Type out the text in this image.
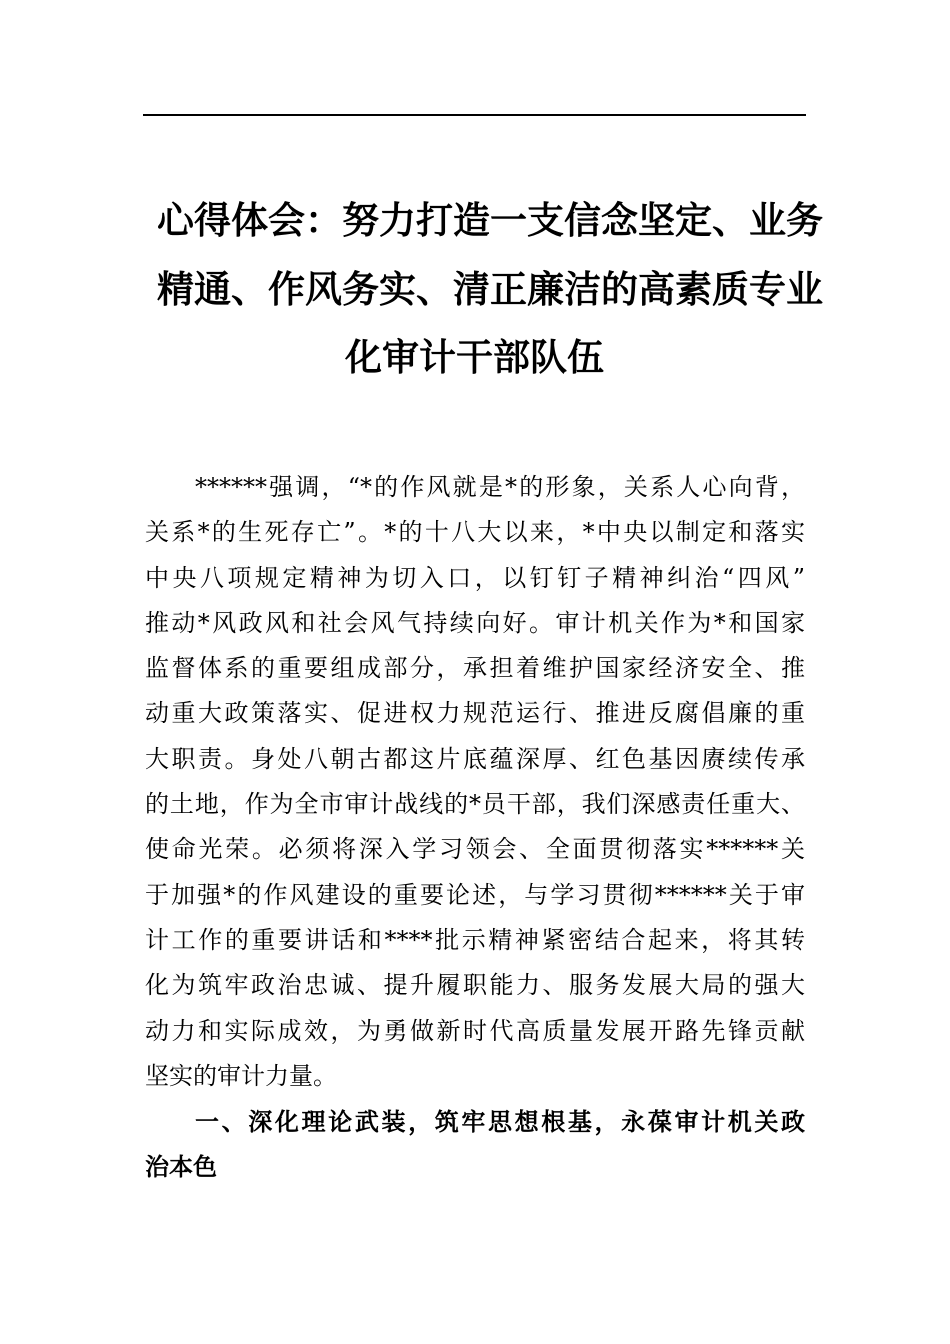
心得体会：努力打造一支信念坚定、业务
精通、作风务实、清正廉洁的高素质专业
化审计干部队伍
******强调，“*的作风就是*的形象，关系人心向背，
关系*的生死存亡”。*的十八大以来，*中央以制定和落实
中央八项规定精神为切入口，以钉钉子精神纠治“四风”
推动*风政风和社会风气持续向好。审计机关作为*和国家
监督体系的重要组成部分，承担着维护国家经济安全、推
动重大政策落实、促进权力规范运行、推进反腐倡廉的重
大职责。身处八朝古都这片底蕴深厚、红色基因赓续传承
的土地，作为全市审计战线的*员干部，我们深感责任重大、
使命光荣。必须将深入学习领会、全面贯彻落实******关
于加强*的作风建设的重要论述，与学习贯彻******关于审
计工作的重要讲话和****批示精神紧密结合起来，将其转
化为筑牢政治忠诚、提升履职能力、服务发展大局的强大
动力和实际成效，为勇做新时代高质量发展开路先锋贡献
坚实的审计力量。
一、深化理论武装，筑牢思想根基，永葆审计机关政
治本色
